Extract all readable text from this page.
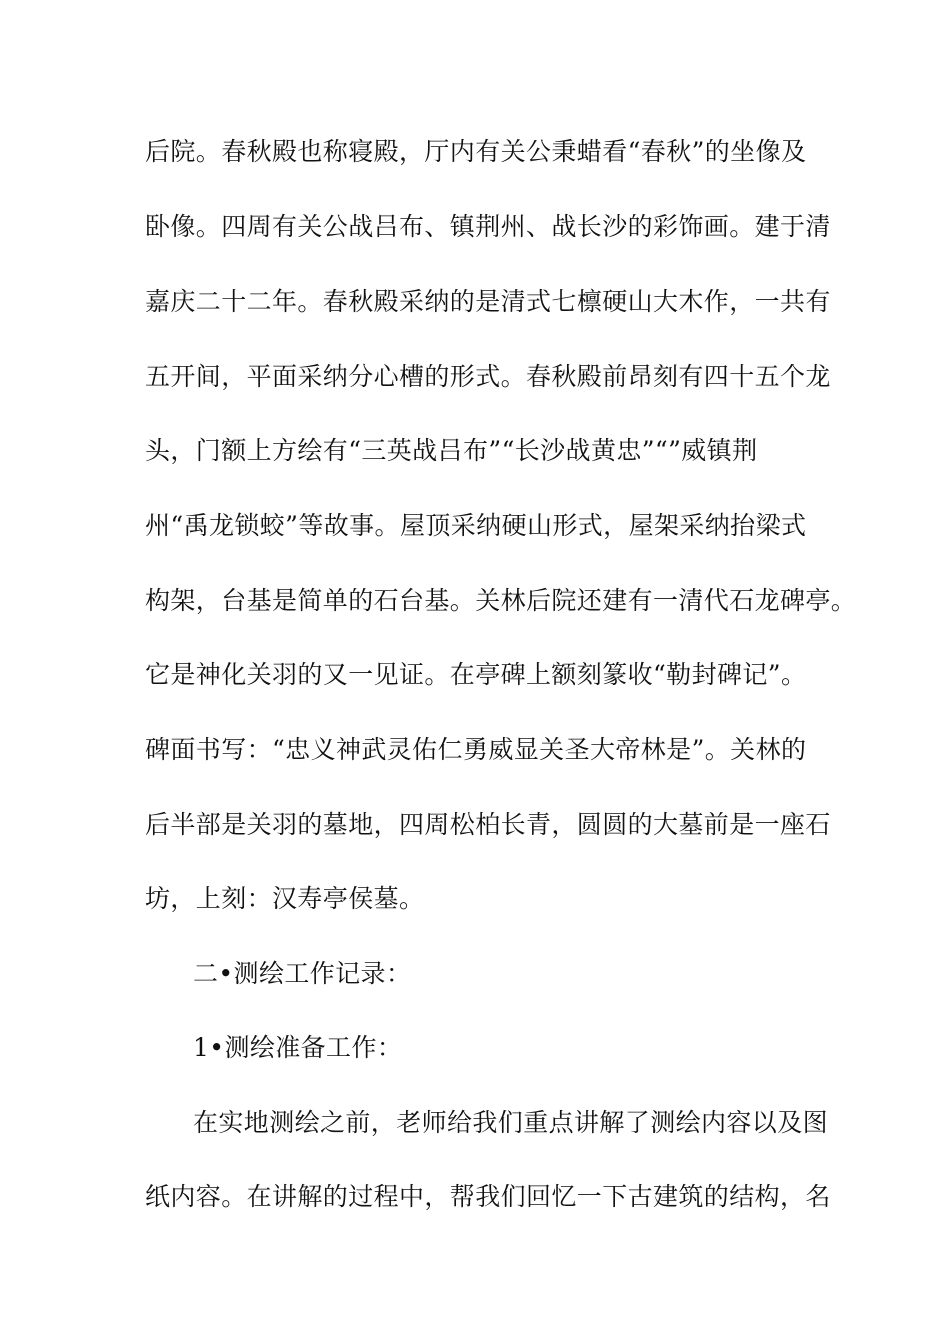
后院。春秋殿也称寝殿，厅内有关公秉蜡看“春秋”的坐像及
卧像。四周有关公战吕布、镇荆州、战长沙的彩饰画。建于清
嘉庆二十二年。春秋殿采纳的是清式七檩硬山大木作，一共有
五开间，平面采纳分心槽的形式。春秋殿前昂刻有四十五个龙
头，门额上方绘有“三英战吕布”“长沙战黄忠”“”威镇荆
州“禹龙锁蛟”等故事。屋顶采纳硬山形式，屋架采纳抬梁式
构架，台基是简单的石台基。关林后院还建有一清代石龙碑亭。
它是神化关羽的又一见证。在亭碑上额刻篆收“勒封碑记”。
碑面书写：“忠义神武灵佑仁勇威显关圣大帝林是”。关林的
后半部是关羽的墓地，四周松柏长青，圆圆的大墓前是一座石
坊，上刻：汉寿亭侯墓。
二•测绘工作记录：
1•测绘准备工作：
在实地测绘之前，老师给我们重点讲解了测绘内容以及图
纸内容。在讲解的过程中，帮我们回忆一下古建筑的结构，名
